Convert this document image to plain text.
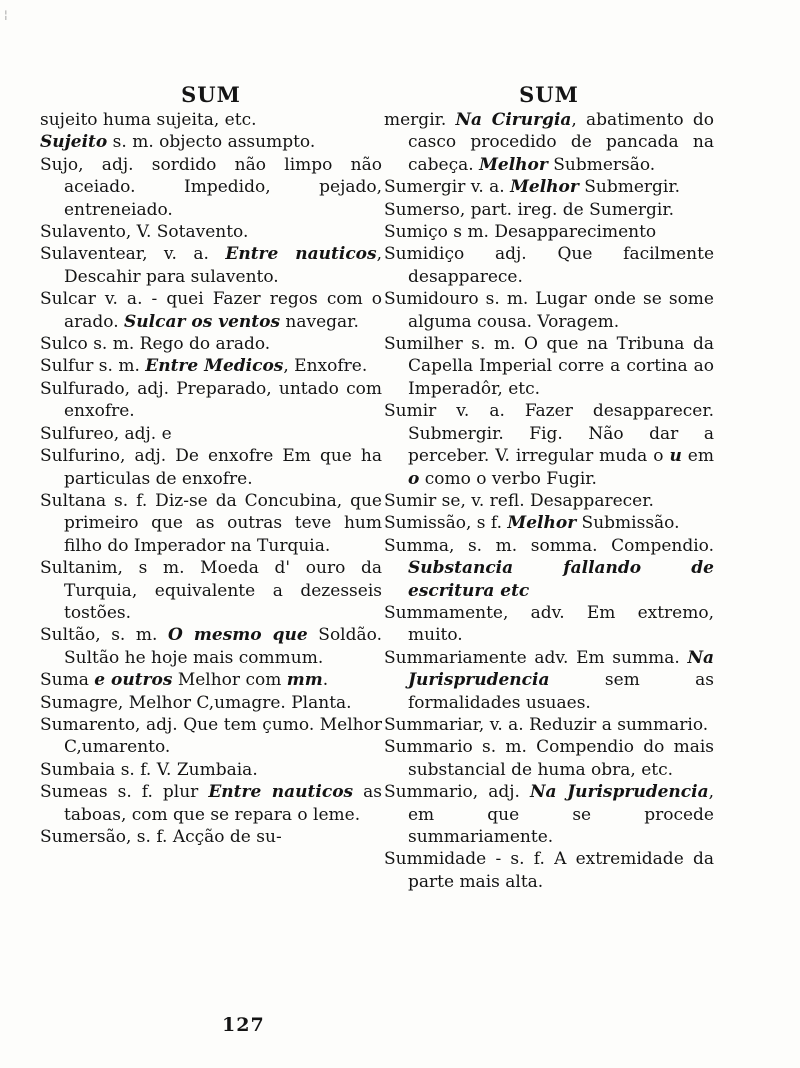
¦
SUM

sujeito huma sujeita, etc.

Sujeito s. m. objecto assumpto.

Sujo, adj. sordido não limpo não aceiado. Impedido, pejado, entreneiado.

Sulavento, V. Sotavento.

Sulaventear, v. a. Entre nauticos, Descahir para sulavento.

Sulcar v. a. - quei Fazer regos com o arado. Sulcar os ventos navegar.

Sulco s. m. Rego do arado.

Sulfur s. m. Entre Medicos, Enxofre.

Sulfurado, adj. Preparado, untado com enxofre.

Sulfureo, adj. e

Sulfurino, adj. De enxofre Em que ha particulas de enxofre.

Sultana s. f. Diz-se da Concubina, que primeiro que as outras teve hum filho do Imperador na Turquia.

Sultanim, s m. Moeda d' ouro da Turquia, equivalente a dezesseis tostões.

Sultão, s. m. O mesmo que Soldão. Sultão he hoje mais commum.

Suma e outros Melhor com mm.

Sumagre, Melhor C,umagre. Planta.

Sumarento, adj. Que tem çumo. Melhor C,umarento.

Sumbaia s. f. V. Zumbaia.

Sumeas s. f. plur Entre nauticos as taboas, com que se repara o leme.

Sumersão, s. f. Acção de su-

SUM

mergir. Na Cirurgia, abatimento do casco procedido de pancada na cabeça. Melhor Submersão.

Sumergir v. a. Melhor Submergir.

Sumerso, part. ireg. de Sumergir.

Sumiço s m. Desapparecimento

Sumidiço adj. Que facilmente desapparece.

Sumidouro s. m. Lugar onde se some alguma cousa. Voragem.

Sumilher s. m. O que na Tribuna da Capella Imperial corre a cortina ao Imperadôr, etc.

Sumir v. a. Fazer desapparecer. Submergir. Fig. Não dar a perceber. V. irregular muda o u em o como o verbo Fugir.

Sumir se, v. refl. Desapparecer.

Sumissão, s f. Melhor Submissão.

Summa, s. m. somma. Compendio. Substancia fallando de escritura etc

Summamente, adv. Em extremo, muito.

Summariamente adv. Em summa. Na Jurisprudencia sem as formalidades usuaes.

Summariar, v. a. Reduzir a summario.

Summario s. m. Compendio do mais substancial de huma obra, etc.

Summario, adj. Na Jurisprudencia, em que se procede summariamente.

Summidade - s. f. A extremidade da parte mais alta.

127
